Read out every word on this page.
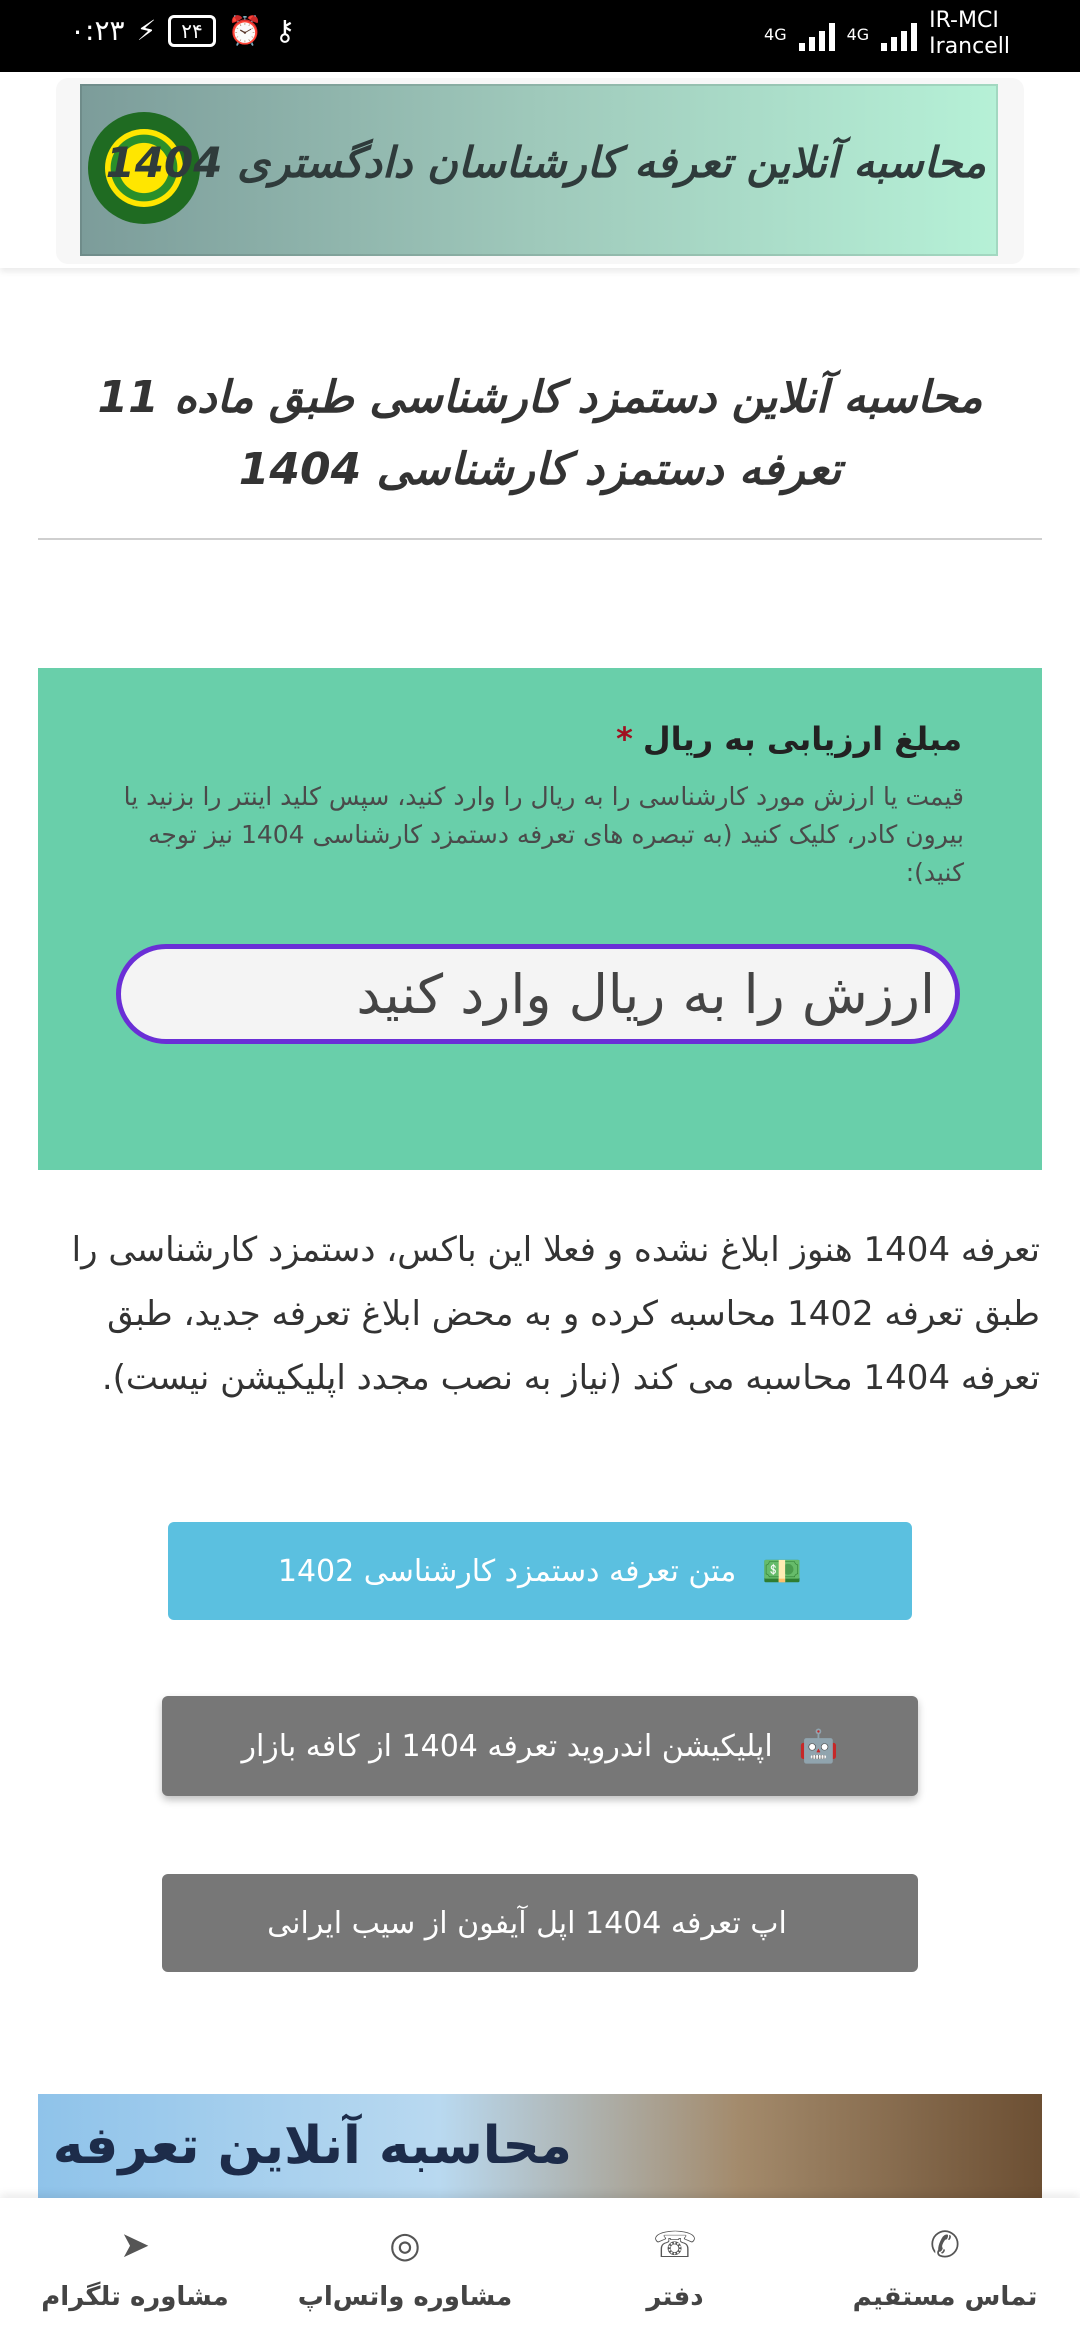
۰:۲۳ ⚡	۲۴ ⏰ ⚷	4G	4G
IR-MCI
Irancell
محاسبه آنلاین تعرفه کارشناسان دادگستری 1404
محاسبه آنلاین دستمزد کارشناسی طبق ماده 11 تعرفه دستمزد کارشناسی 1404
مبلغ ارزیابی به ریال*
قیمت یا ارزش مورد کارشناسی را به ریال را وارد کنید، سپس کلید اینتر را بزنید یا بیرون کادر، کلیک کنید (به تبصره های تعرفه دستمزد کارشناسی 1404 نیز توجه کنید):
ارزش را به ریال وارد کنید
تعرفه 1404 هنوز ابلاغ نشده و فعلا این باکس، دستمزد کارشناسی را طبق تعرفه 1402 محاسبه کرده و به محض ابلاغ تعرفه جدید، طبق تعرفه 1404 محاسبه می کند (نیاز به نصب مجدد اپلیکیشن نیست).
💵
متن تعرفه دستمزد کارشناسی 1402
🤖
اپلیکیشن اندروید تعرفه 1404 از کافه بازار
اپ تعرفه 1404 اپل آیفون از سیب ایرانی
محاسبه آنلاین تعرفه
✆
تماس مستقیم
☏
دفتر
◎
مشاوره واتس‌اپ
➤
مشاوره تلگرام
